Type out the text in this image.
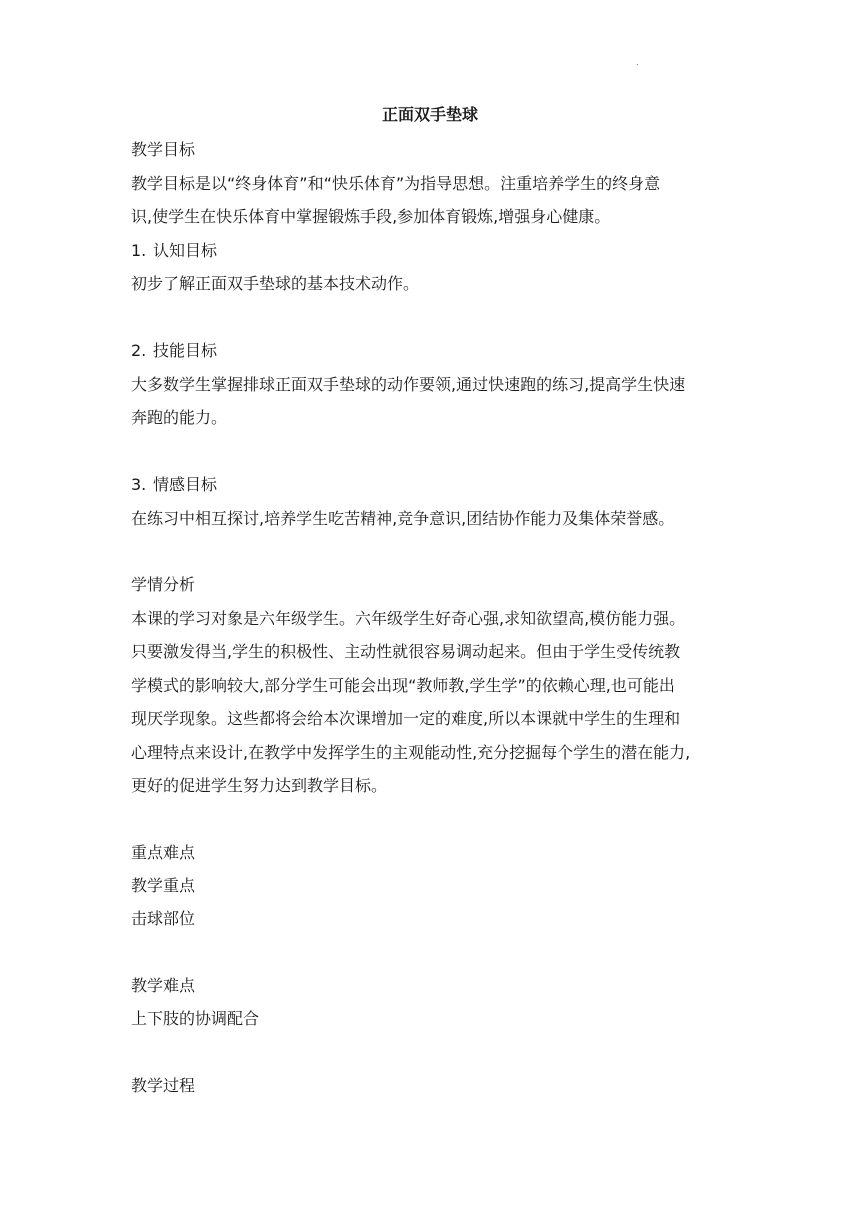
.
正面双手垫球
教学目标
教学目标是以“终身体育”和“快乐体育”为指导思想。注重培养学生的终身意
识,使学生在快乐体育中掌握锻炼手段,参加体育锻炼,增强身心健康。
1. 认知目标
初步了解正面双手垫球的基本技术动作。
2. 技能目标
大多数学生掌握排球正面双手垫球的动作要领,通过快速跑的练习,提高学生快速
奔跑的能力。
3. 情感目标
在练习中相互探讨,培养学生吃苦精神,竞争意识,团结协作能力及集体荣誉感。
学情分析
本课的学习对象是六年级学生。六年级学生好奇心强,求知欲望高,模仿能力强。
只要激发得当,学生的积极性、主动性就很容易调动起来。但由于学生受传统教
学模式的影响较大,部分学生可能会出现“教师教,学生学”的依赖心理,也可能出
现厌学现象。这些都将会给本次课增加一定的难度,所以本课就中学生的生理和
心理特点来设计,在教学中发挥学生的主观能动性,充分挖掘每个学生的潜在能力,
更好的促进学生努力达到教学目标。
重点难点
教学重点
击球部位
教学难点
上下肢的协调配合
教学过程
